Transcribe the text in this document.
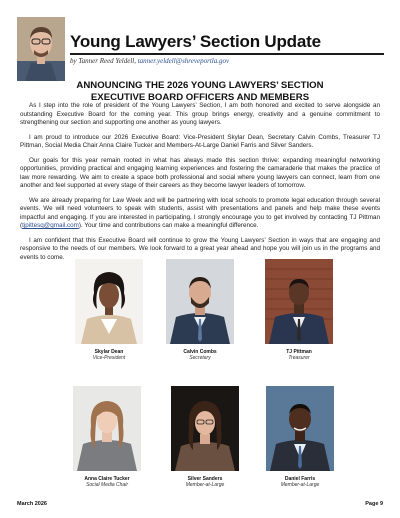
Young Lawyers’ Section Update
by Tanner Reed Yeldell, tanner.yeldell@shreveportla.gov
ANNOUNCING THE 2026 YOUNG LAWYERS’ SECTION
EXECUTIVE BOARD OFFICERS AND MEMBERS

As I step into the role of president of the Young Lawyers’ Section, I am both honored and excited to serve alongside an outstanding Executive Board for the coming year. This group brings energy, creativity and a genuine commitment to strengthening our section and supporting one another as young lawyers.

I am proud to introduce our 2026 Executive Board: Vice-President Skylar Dean, Secretary Calvin Combs, Treasurer TJ Pittman, Social Media Chair Anna Claire Tucker and Members-At-Large Daniel Farris and Silver Sanders.

Our goals for this year remain rooted in what has always made this section thrive: expanding meaningful networking opportunities, providing practical and engaging learning experiences and fostering the camaraderie that makes the practice of law more rewarding. We aim to create a space both professional and social where young lawyers can connect, learn from one another and feel supported at every stage of their careers as they become lawyer leaders of tomorrow.

We are already preparing for Law Week and will be partnering with local schools to promote legal education through several events. We will need volunteers to speak with students, assist with presentations and panels and help make these events impactful and engaging. If you are interested in participating, I strongly encourage you to get involved by contacting TJ Pittman (tjpittesq@gmail.com). Your time and contributions can make a meaningful difference.

I am confident that this Executive Board will continue to grow the Young Lawyers’ Section in ways that are engaging and responsive to the needs of our members. We look forward to a great year ahead and hope you will join us in the programs and events to come.

Skylar Dean
Vice-President
Calvin Combs
Secretary
TJ Pittman
Treasurer
Anna Claire Tucker
Social Media Chair
Silver Sanders
Member-at-Large
Daniel Farris
Member-at-Large
March 2026	Page 9
